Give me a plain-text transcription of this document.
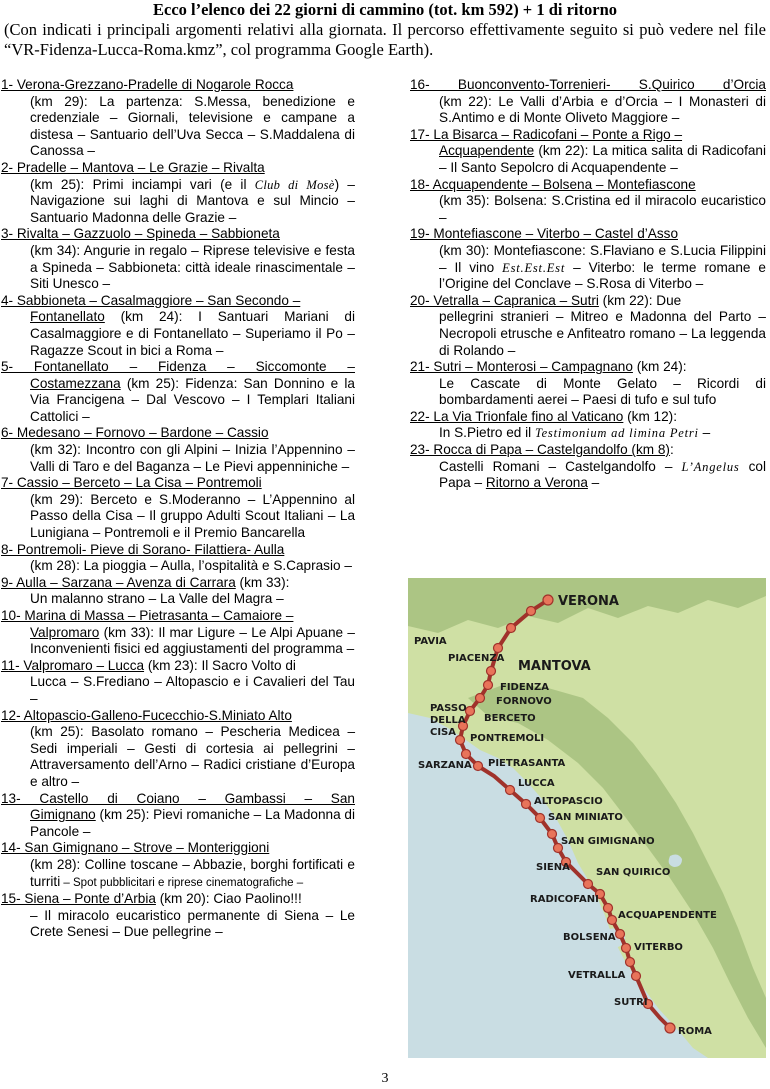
Ecco l’elenco dei 22 giorni di cammino (tot. km 592) + 1 di ritorno

(Con indicati i principali argomenti relativi alla giornata. Il percorso effettivamente seguito si può vedere nel file “VR-Fidenza-Lucca-Roma.kmz”, col programma Google Earth).

1- Verona-Grezzano-Pradelle di Nogarole Rocca
(km 29): La partenza: S.Messa, benedizione e credenziale – Giornali, televisione e campane a distesa – Santuario dell’Uva Secca – S.Maddalena di Canossa –
2- Pradelle – Mantova – Le Grazie – Rivalta
(km 25): Primi inciampi vari (e il Club di Mosè) – Navigazione sui laghi di Mantova e sul Mincio – Santuario Madonna delle Grazie –
3- Rivalta – Gazzuolo – Spineda – Sabbioneta
(km 34): Angurie in regalo – Riprese televisive e festa a Spineda – Sabbioneta: città ideale rinascimentale – Siti Unesco –
4- Sabbioneta – Casalmaggiore – San Secondo –
Fontanellato (km 24): I Santuari Mariani di Casalmaggiore e di Fontanellato – Superiamo il Po – Ragazze Scout in bici a Roma –
5- Fontanellato – Fidenza – Siccomonte –
Costamezzana (km 25): Fidenza: San Donnino e la Via Francigena – Dal Vescovo – I Templari Italiani Cattolici –
6- Medesano – Fornovo – Bardone – Cassio
(km 32): Incontro con gli Alpini – Inizia l’Appennino – Valli di Taro e del Baganza – Le Pievi appenniniche –
7- Cassio – Berceto – La Cisa – Pontremoli
(km 29): Berceto e S.Moderanno – L’Appennino al Passo della Cisa – Il gruppo Adulti Scout Italiani – La Lunigiana – Pontremoli e il Premio Bancarella
8- Pontremoli- Pieve di Sorano- Filattiera- Aulla
(km 28): La pioggia – Aulla, l’ospitalità e S.Caprasio –
9- Aulla – Sarzana – Avenza di Carrara (km 33):
Un malanno strano – La Valle del Magra –
10- Marina di Massa – Pietrasanta – Camaiore –
Valpromaro (km 33): Il mar Ligure – Le Alpi Apuane – Inconvenienti fisici ed aggiustamenti del programma –
11- Valpromaro – Lucca (km 23): Il Sacro Volto di
Lucca – S.Frediano – Altopascio e i Cavalieri del Tau –
12- Altopascio-Galleno-Fucecchio-S.Miniato Alto
(km 25): Basolato romano – Pescheria Medicea – Sedi imperiali – Gesti di cortesia ai pellegrini – Attraversamento dell’Arno – Radici cristiane d’Europa e altro –
13- Castello di Coiano – Gambassi – San
Gimignano (km 25): Pievi romaniche – La Madonna di Pancole –
14- San Gimignano – Strove – Monteriggioni
(km 28): Colline toscane – Abbazie, borghi fortificati e turriti – Spot pubblicitari e riprese cinematografiche –
15- Siena – Ponte d’Arbia (km 20): Ciao Paolino!!!
– Il miracolo eucaristico permanente di Siena – Le Crete Senesi – Due pellegrine –
16- Buonconvento-Torrenieri- S.Quirico d’Orcia
(km 22): Le Valli d’Arbia e d’Orcia – I Monasteri di S.Antimo e di Monte Oliveto Maggiore –
17- La Bisarca – Radicofani – Ponte a Rigo –
Acquapendente (km 22): La mitica salita di Radicofani – Il Santo Sepolcro di Acquapendente –
18- Acquapendente – Bolsena – Montefiascone
(km 35): Bolsena: S.Cristina ed il miracolo eucaristico –
19- Montefiascone – Viterbo – Castel d’Asso
(km 30): Montefiascone: S.Flaviano e S.Lucia Filippini – Il vino Est.Est.Est – Viterbo: le terme romane e l’Origine del Conclave – S.Rosa di Viterbo –
20- Vetralla – Capranica – Sutri (km 22): Due
pellegrini stranieri – Mitreo e Madonna del Parto – Necropoli etrusche e Anfiteatro romano – La leggenda di Rolando –
21- Sutri – Monterosi – Campagnano (km 24):
Le Cascate di Monte Gelato – Ricordi di bombardamenti aerei – Paesi di tufo e sul tufo
22- La Via Trionfale fino al Vaticano (km 12):
In S.Pietro ed il Testimonium ad limina Petri –
23- Rocca di Papa – Castelgandolfo (km 8):
Castelli Romani – Castelgandolfo – L’Angelus col Papa – Ritorno a Verona –
VERONA
PAVIA
PIACENZA
MANTOVA
FIDENZA
FORNOVO
PASSO
DELLA
CISA
BERCETO
PONTREMOLI
SARZANA PIETRASANTA
LUCCA
ALTOPASCIO
SAN MINIATO
SAN GIMIGNANO
SIENA	SAN QUIRICO
RADICOFANI
ACQUAPENDENTE
BOLSENA
VITERBO
VETRALLA
SUTRI
ROMA
3
